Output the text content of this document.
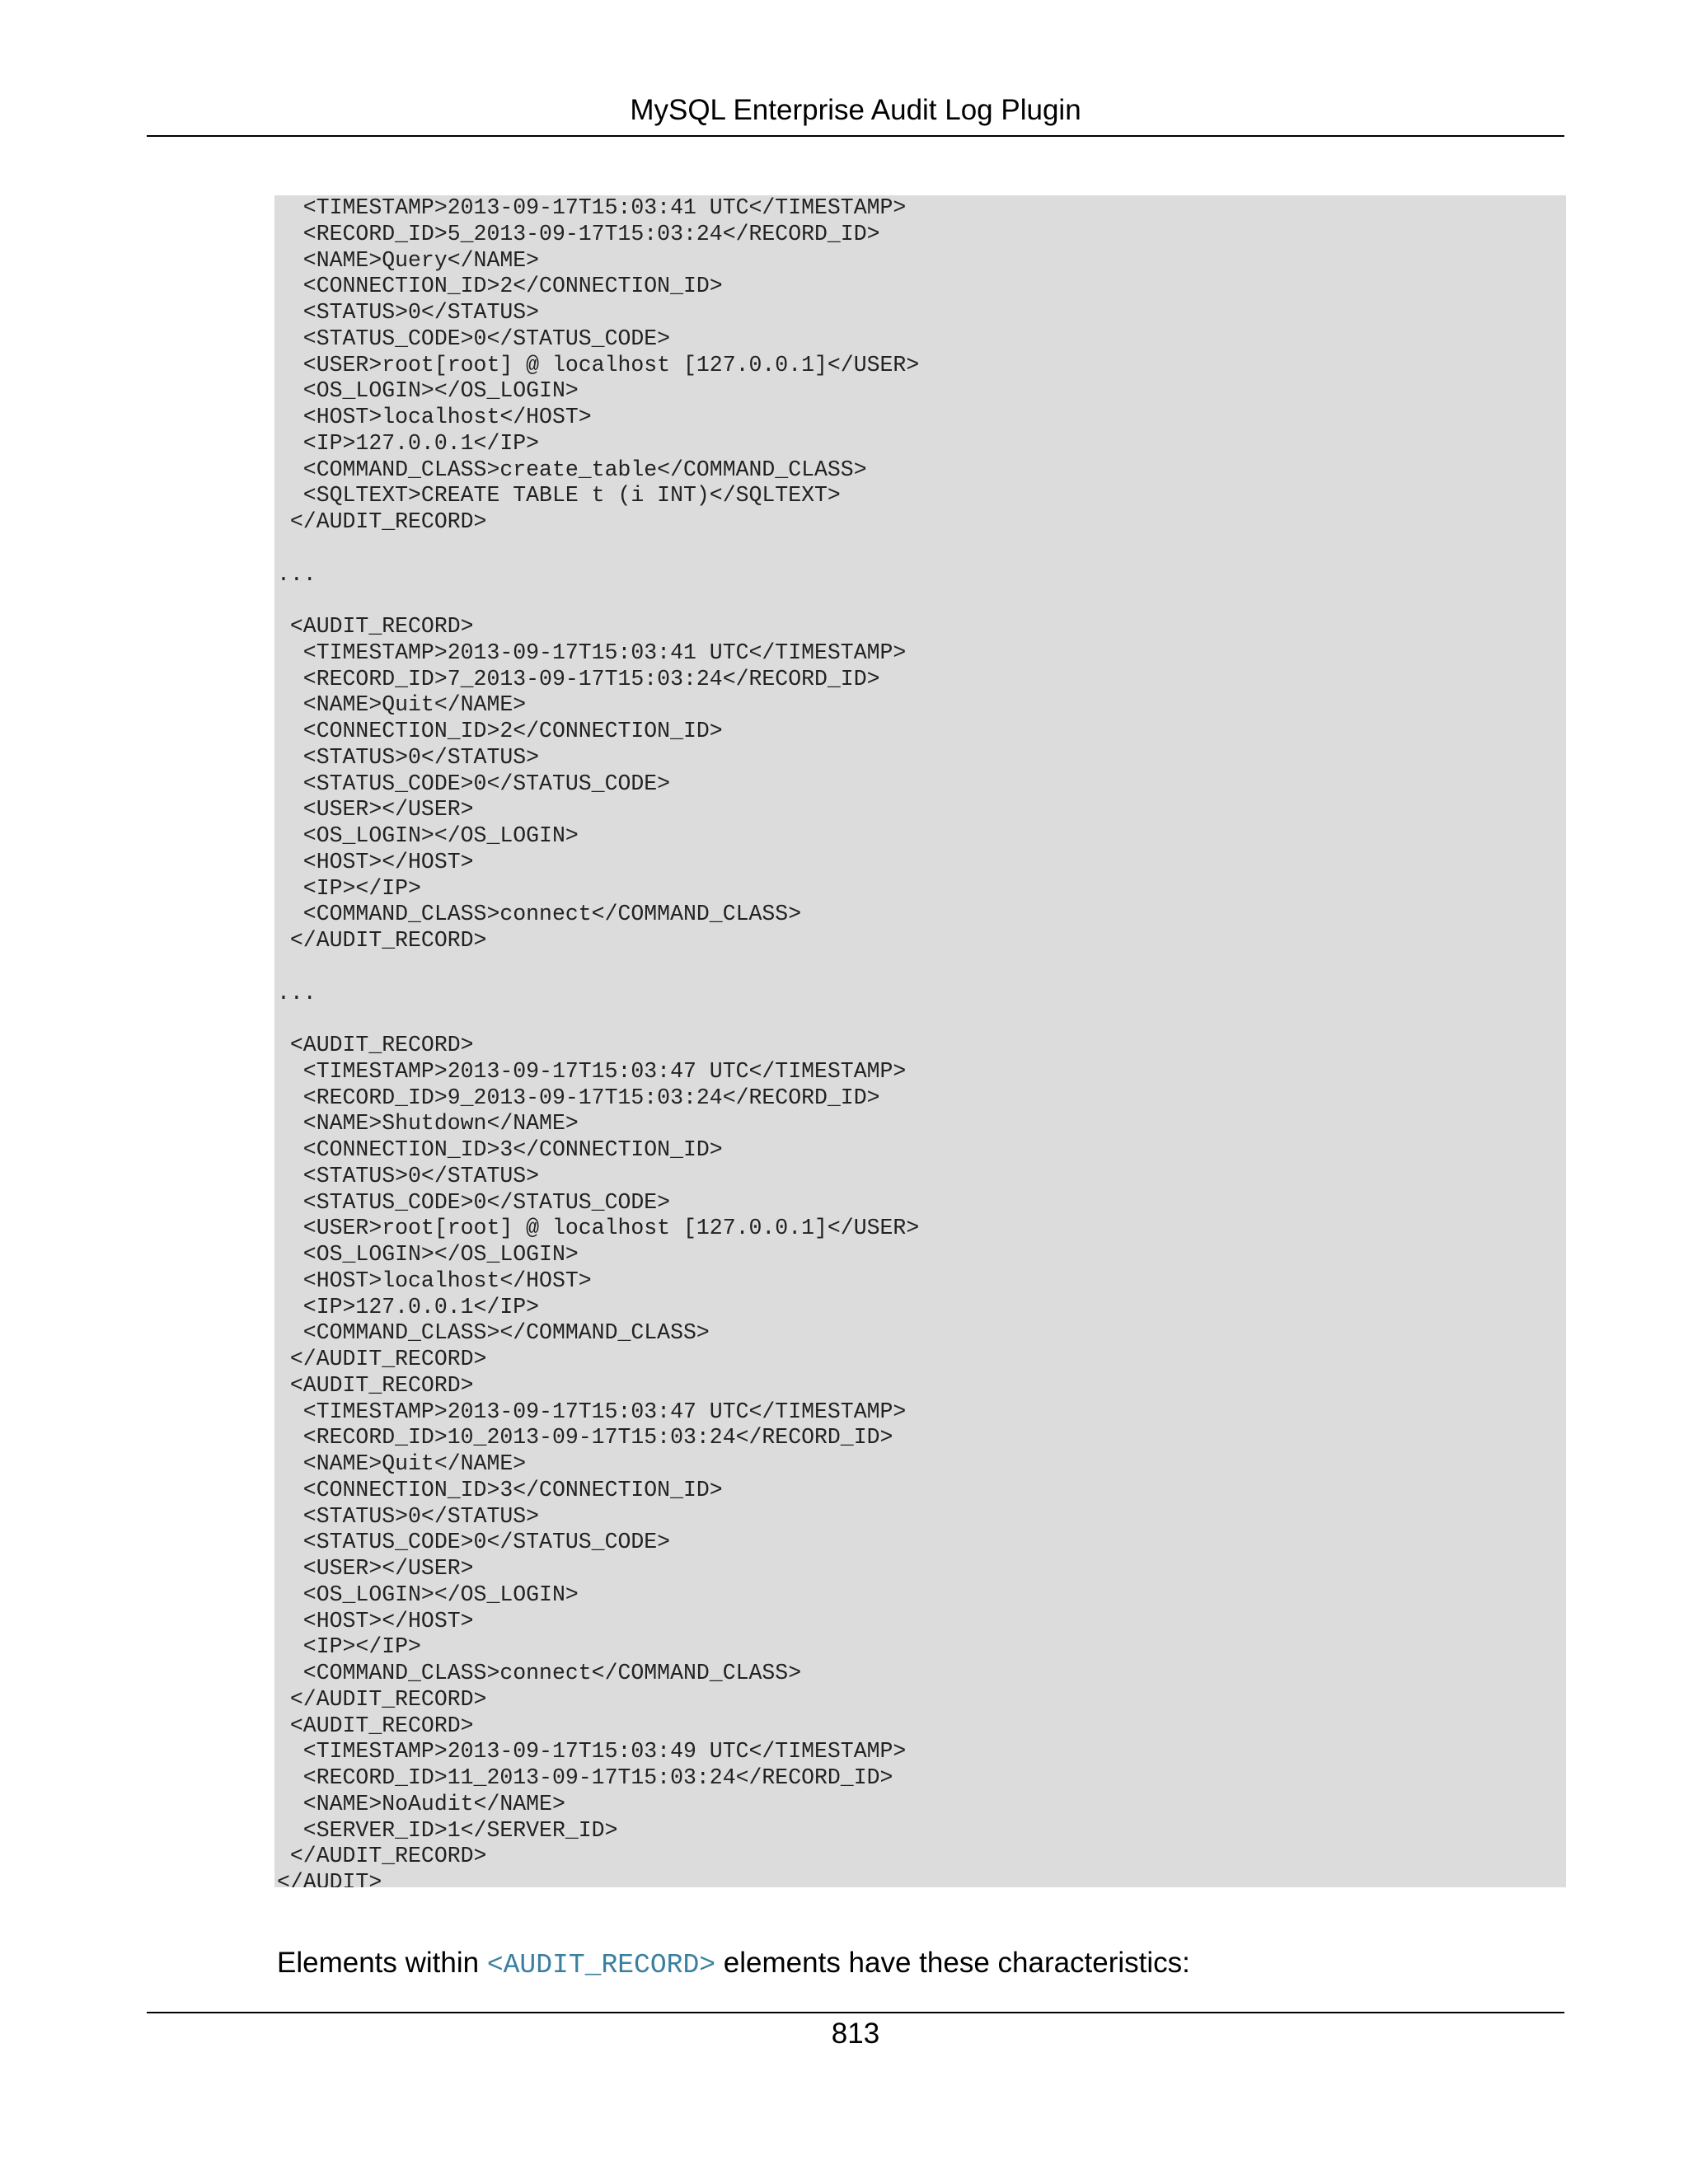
MySQL Enterprise Audit Log Plugin
<TIMESTAMP>2013-09-17T15:03:41 UTC</TIMESTAMP>
<RECORD_ID>5_2013-09-17T15:03:24</RECORD_ID>
<NAME>Query</NAME>
<CONNECTION_ID>2</CONNECTION_ID>
<STATUS>0</STATUS>
<STATUS_CODE>0</STATUS_CODE>
<USER>root[root] @ localhost [127.0.0.1]</USER>
<OS_LOGIN></OS_LOGIN>
<HOST>localhost</HOST>
<IP>127.0.0.1</IP>
<COMMAND_CLASS>create_table</COMMAND_CLASS>
<SQLTEXT>CREATE TABLE t (i INT)</SQLTEXT>
</AUDIT_RECORD>

...

<AUDIT_RECORD>
<TIMESTAMP>2013-09-17T15:03:41 UTC</TIMESTAMP>
<RECORD_ID>7_2013-09-17T15:03:24</RECORD_ID>
<NAME>Quit</NAME>
<CONNECTION_ID>2</CONNECTION_ID>
<STATUS>0</STATUS>
<STATUS_CODE>0</STATUS_CODE>
<USER></USER>
<OS_LOGIN></OS_LOGIN>
<HOST></HOST>
<IP></IP>
<COMMAND_CLASS>connect</COMMAND_CLASS>
</AUDIT_RECORD>

...

<AUDIT_RECORD>
<TIMESTAMP>2013-09-17T15:03:47 UTC</TIMESTAMP>
<RECORD_ID>9_2013-09-17T15:03:24</RECORD_ID>
<NAME>Shutdown</NAME>
<CONNECTION_ID>3</CONNECTION_ID>
<STATUS>0</STATUS>
<STATUS_CODE>0</STATUS_CODE>
<USER>root[root] @ localhost [127.0.0.1]</USER>
<OS_LOGIN></OS_LOGIN>
<HOST>localhost</HOST>
<IP>127.0.0.1</IP>
<COMMAND_CLASS></COMMAND_CLASS>
</AUDIT_RECORD>
<AUDIT_RECORD>
<TIMESTAMP>2013-09-17T15:03:47 UTC</TIMESTAMP>
<RECORD_ID>10_2013-09-17T15:03:24</RECORD_ID>
<NAME>Quit</NAME>
<CONNECTION_ID>3</CONNECTION_ID>
<STATUS>0</STATUS>
<STATUS_CODE>0</STATUS_CODE>
<USER></USER>
<OS_LOGIN></OS_LOGIN>
<HOST></HOST>
<IP></IP>
<COMMAND_CLASS>connect</COMMAND_CLASS>
</AUDIT_RECORD>
<AUDIT_RECORD>
<TIMESTAMP>2013-09-17T15:03:49 UTC</TIMESTAMP>
<RECORD_ID>11_2013-09-17T15:03:24</RECORD_ID>
<NAME>NoAudit</NAME>
<SERVER_ID>1</SERVER_ID>
</AUDIT_RECORD>
</AUDIT>

Elements within <AUDIT_RECORD> elements have these characteristics:

813
